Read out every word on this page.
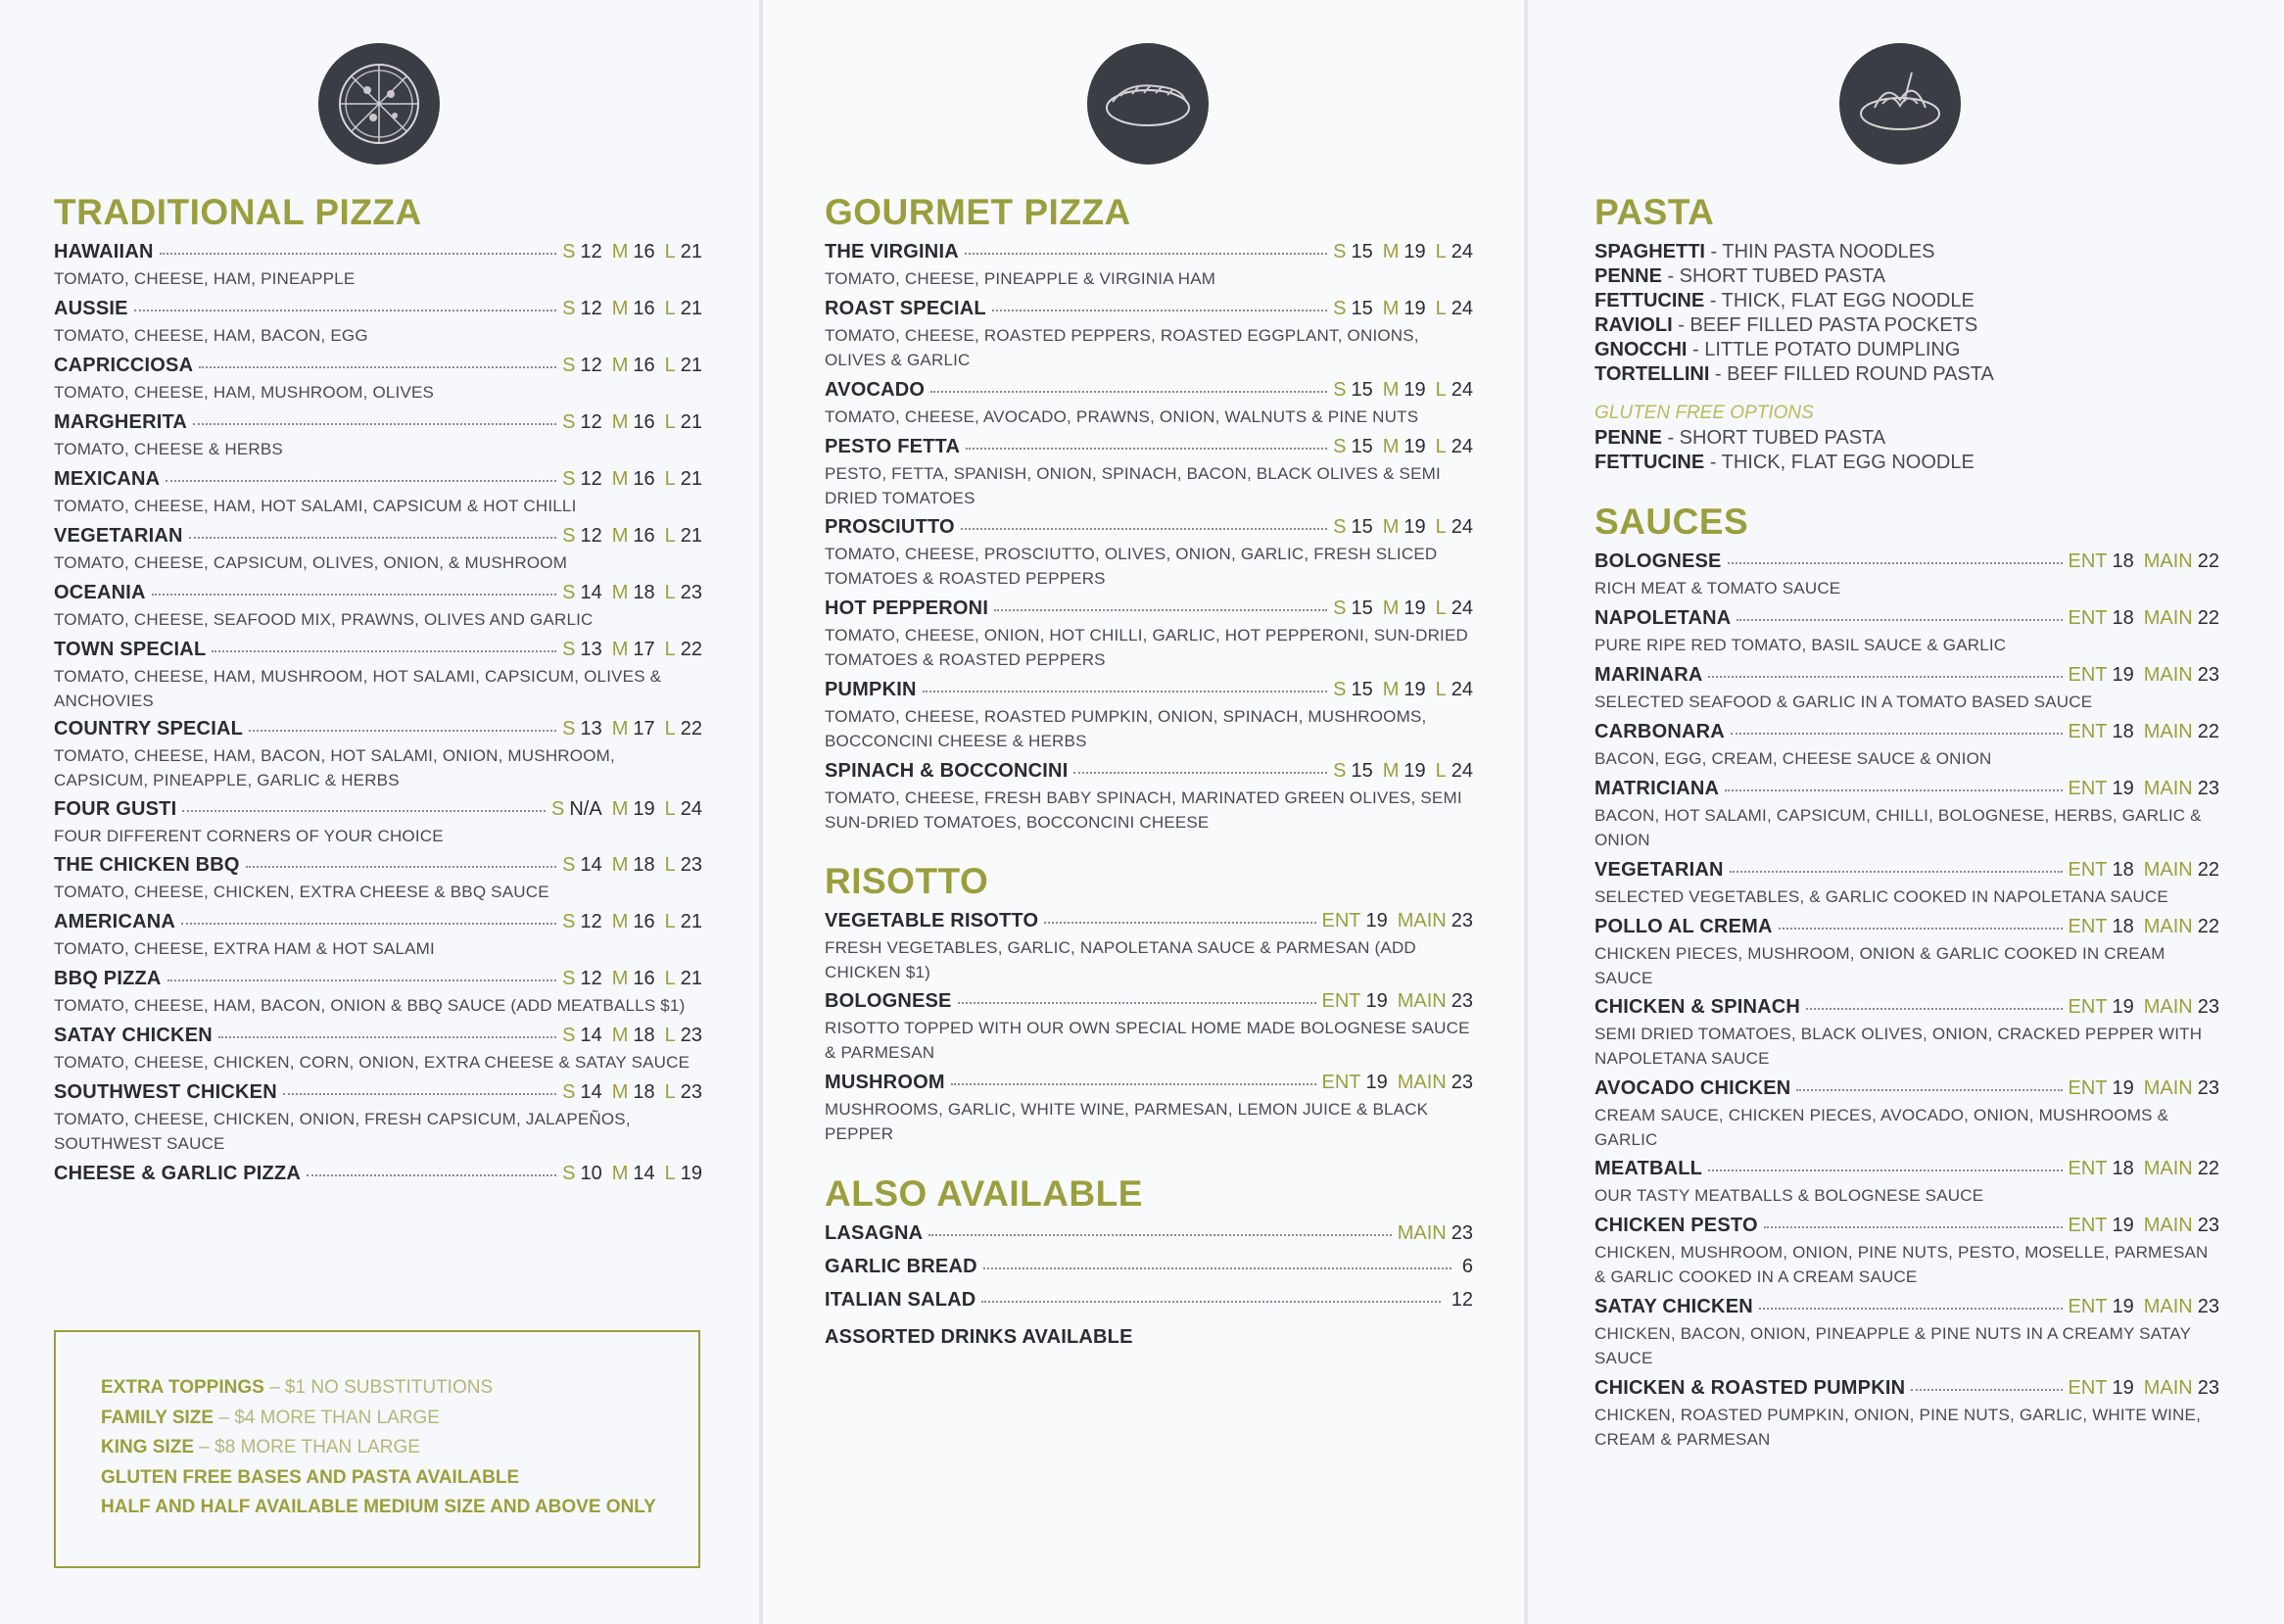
TRADITIONAL PIZZA
HAWAIIAN	S 12 M 16 L 21
TOMATO, CHEESE, HAM, PINEAPPLE
AUSSIE	S 12 M 16 L 21
TOMATO, CHEESE, HAM, BACON, EGG
CAPRICCIOSA	S 12 M 16 L 21
TOMATO, CHEESE, HAM, MUSHROOM, OLIVES
MARGHERITA	S 12 M 16 L 21
TOMATO, CHEESE & HERBS
MEXICANA	S 12 M 16 L 21
TOMATO, CHEESE, HAM, HOT SALAMI, CAPSICUM & HOT CHILLI
VEGETARIAN	S 12 M 16 L 21
TOMATO, CHEESE, CAPSICUM, OLIVES, ONION, & MUSHROOM
OCEANIA	S 14 M 18 L 23
TOMATO, CHEESE, SEAFOOD MIX, PRAWNS, OLIVES AND GARLIC
TOWN SPECIAL	S 13 M 17 L 22
TOMATO, CHEESE, HAM, MUSHROOM, HOT SALAMI, CAPSICUM, OLIVES & ANCHOVIES
COUNTRY SPECIAL	S 13 M 17 L 22
TOMATO, CHEESE, HAM, BACON, HOT SALAMI, ONION, MUSHROOM, CAPSICUM, PINEAPPLE, GARLIC & HERBS
FOUR GUSTI	S N/A M 19 L 24
FOUR DIFFERENT CORNERS OF YOUR CHOICE
THE CHICKEN BBQ	S 14 M 18 L 23
TOMATO, CHEESE, CHICKEN, EXTRA CHEESE & BBQ SAUCE
AMERICANA	S 12 M 16 L 21
TOMATO, CHEESE, EXTRA HAM & HOT SALAMI
BBQ PIZZA	S 12 M 16 L 21
TOMATO, CHEESE, HAM, BACON, ONION & BBQ SAUCE (ADD MEATBALLS $1)
SATAY CHICKEN	S 14 M 18 L 23
TOMATO, CHEESE, CHICKEN, CORN, ONION, EXTRA CHEESE & SATAY SAUCE
SOUTHWEST CHICKEN	S 14 M 18 L 23
TOMATO, CHEESE, CHICKEN, ONION, FRESH CAPSICUM, JALAPEÑOS, SOUTHWEST SAUCE
CHEESE & GARLIC PIZZA	S 10 M 14 L 19
EXTRA TOPPINGS – $1 NO SUBSTITUTIONS
FAMILY SIZE – $4 MORE THAN LARGE
KING SIZE – $8 MORE THAN LARGE
GLUTEN FREE BASES AND PASTA AVAILABLE
HALF AND HALF AVAILABLE MEDIUM SIZE AND ABOVE ONLY
GOURMET PIZZA
THE VIRGINIA	S 15 M 19 L 24
TOMATO, CHEESE, PINEAPPLE & VIRGINIA HAM
ROAST SPECIAL	S 15 M 19 L 24
TOMATO, CHEESE, ROASTED PEPPERS, ROASTED EGGPLANT, ONIONS, OLIVES & GARLIC
AVOCADO	S 15 M 19 L 24
TOMATO, CHEESE, AVOCADO, PRAWNS, ONION, WALNUTS & PINE NUTS
PESTO FETTA	S 15 M 19 L 24
PESTO, FETTA, SPANISH, ONION, SPINACH, BACON, BLACK OLIVES & SEMI DRIED TOMATOES
PROSCIUTTO	S 15 M 19 L 24
TOMATO, CHEESE, PROSCIUTTO, OLIVES, ONION, GARLIC, FRESH SLICED TOMATOES & ROASTED PEPPERS
HOT PEPPERONI	S 15 M 19 L 24
TOMATO, CHEESE, ONION, HOT CHILLI, GARLIC, HOT PEPPERONI, SUN-DRIED TOMATOES & ROASTED PEPPERS
PUMPKIN	S 15 M 19 L 24
TOMATO, CHEESE, ROASTED PUMPKIN, ONION, SPINACH, MUSHROOMS, BOCCONCINI CHEESE & HERBS
SPINACH & BOCCONCINI	S 15 M 19 L 24
TOMATO, CHEESE, FRESH BABY SPINACH, MARINATED GREEN OLIVES, SEMI SUN-DRIED TOMATOES, BOCCONCINI CHEESE
RISOTTO
VEGETABLE RISOTTO	ENT 19 MAIN 23
FRESH VEGETABLES, GARLIC, NAPOLETANA SAUCE & PARMESAN (ADD CHICKEN $1)
BOLOGNESE	ENT 19 MAIN 23
RISOTTO TOPPED WITH OUR OWN SPECIAL HOME MADE BOLOGNESE SAUCE & PARMESAN
MUSHROOM	ENT 19 MAIN 23
MUSHROOMS, GARLIC, WHITE WINE, PARMESAN, LEMON JUICE & BLACK PEPPER
ALSO AVAILABLE
LASAGNA	MAIN 23
GARLIC BREAD	6
ITALIAN SALAD	12
ASSORTED DRINKS AVAILABLE
PASTA
SPAGHETTI - THIN PASTA NOODLES
PENNE - SHORT TUBED PASTA
FETTUCINE - THICK, FLAT EGG NOODLE
RAVIOLI - BEEF FILLED PASTA POCKETS
GNOCCHI - LITTLE POTATO DUMPLING
TORTELLINI - BEEF FILLED ROUND PASTA
GLUTEN FREE OPTIONS
PENNE - SHORT TUBED PASTA
FETTUCINE - THICK, FLAT EGG NOODLE
SAUCES
BOLOGNESE	ENT 18 MAIN 22
RICH MEAT & TOMATO SAUCE
NAPOLETANA	ENT 18 MAIN 22
PURE RIPE RED TOMATO, BASIL SAUCE & GARLIC
MARINARA	ENT 19 MAIN 23
SELECTED SEAFOOD & GARLIC IN A TOMATO BASED SAUCE
CARBONARA	ENT 18 MAIN 22
BACON, EGG, CREAM, CHEESE SAUCE & ONION
MATRICIANA	ENT 19 MAIN 23
BACON, HOT SALAMI, CAPSICUM, CHILLI, BOLOGNESE, HERBS, GARLIC & ONION
VEGETARIAN	ENT 18 MAIN 22
SELECTED VEGETABLES, & GARLIC COOKED IN NAPOLETANA SAUCE
POLLO AL CREMA	ENT 18 MAIN 22
CHICKEN PIECES, MUSHROOM, ONION & GARLIC COOKED IN CREAM SAUCE
CHICKEN & SPINACH	ENT 19 MAIN 23
SEMI DRIED TOMATOES, BLACK OLIVES, ONION, CRACKED PEPPER WITH NAPOLETANA SAUCE
AVOCADO CHICKEN	ENT 19 MAIN 23
CREAM SAUCE, CHICKEN PIECES, AVOCADO, ONION, MUSHROOMS & GARLIC
MEATBALL	ENT 18 MAIN 22
OUR TASTY MEATBALLS & BOLOGNESE SAUCE
CHICKEN PESTO	ENT 19 MAIN 23
CHICKEN, MUSHROOM, ONION, PINE NUTS, PESTO, MOSELLE, PARMESAN & GARLIC COOKED IN A CREAM SAUCE
SATAY CHICKEN	ENT 19 MAIN 23
CHICKEN, BACON, ONION, PINEAPPLE & PINE NUTS IN A CREAMY SATAY SAUCE
CHICKEN & ROASTED PUMPKIN	ENT 19 MAIN 23
CHICKEN, ROASTED PUMPKIN, ONION, PINE NUTS, GARLIC, WHITE WINE, CREAM & PARMESAN
